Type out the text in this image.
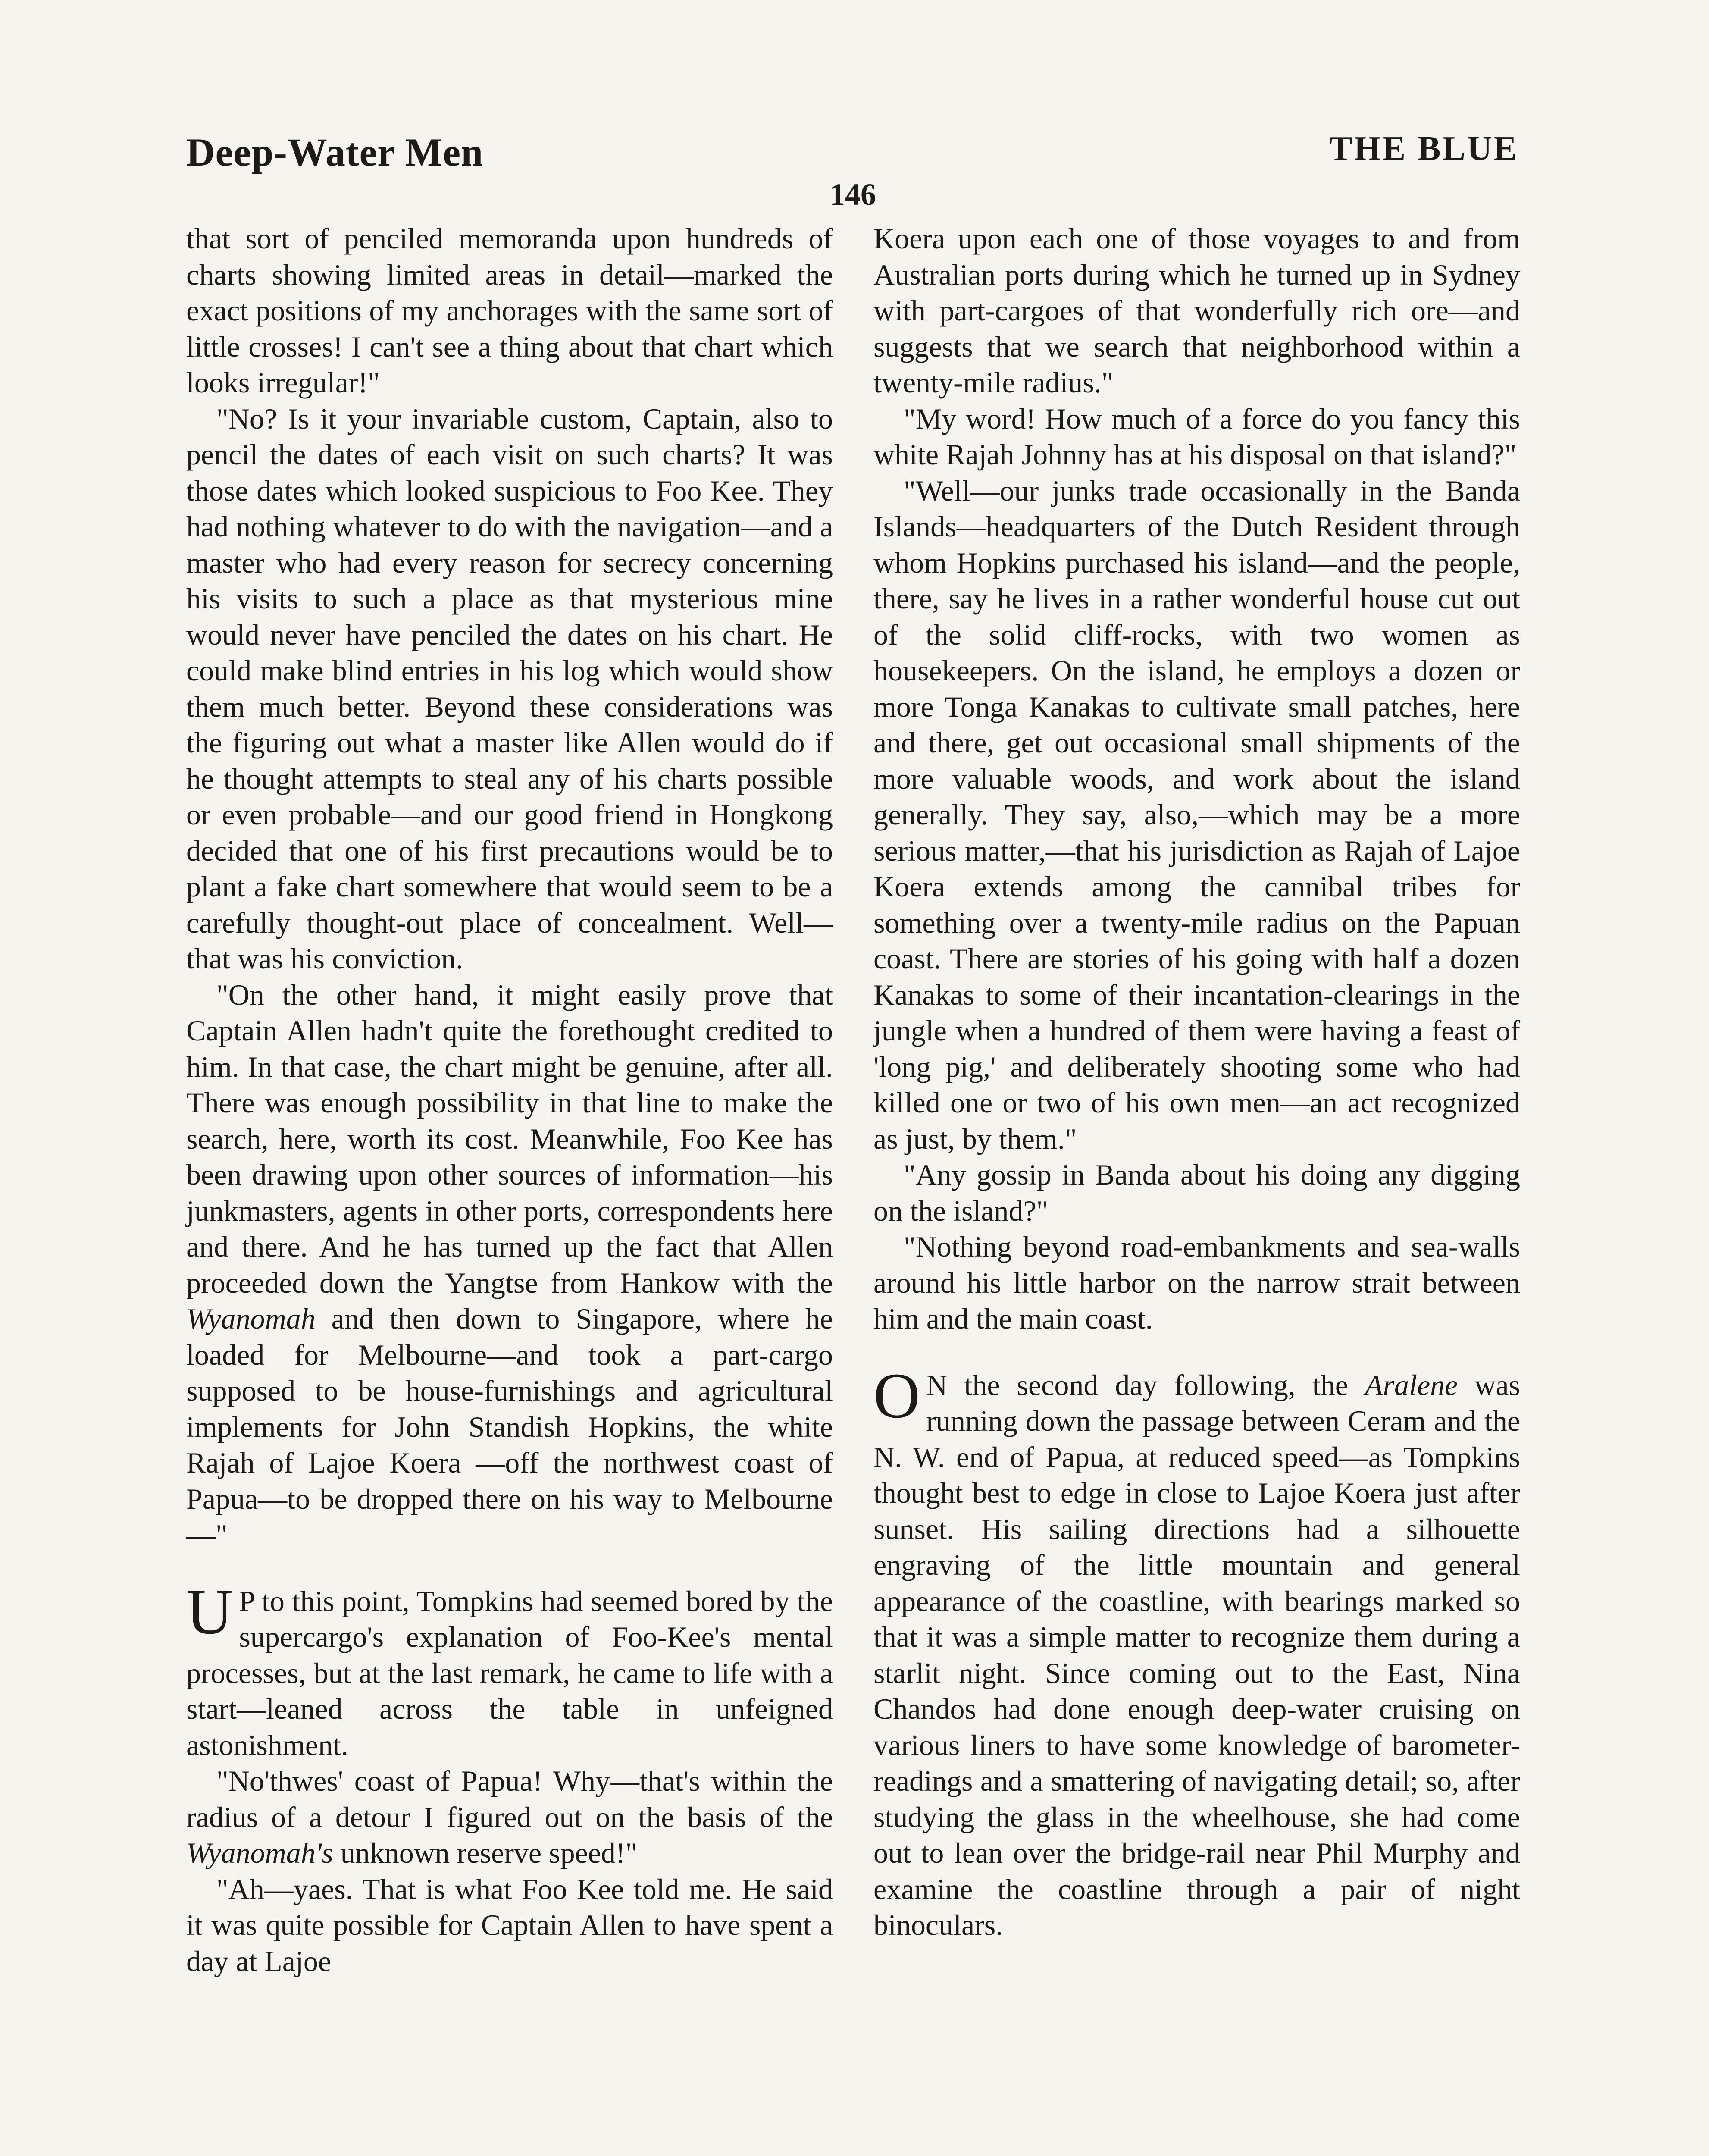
Deep-Water Men	THE BLUE
146

that sort of penciled memoranda upon hundreds of charts showing limited areas in detail—marked the exact positions of my anchorages with the same sort of little crosses! I can't see a thing about that chart which looks irregular!"

"No? Is it your invariable custom, Captain, also to pencil the dates of each visit on such charts? It was those dates which looked suspicious to Foo Kee. They had nothing whatever to do with the navigation—and a master who had every reason for secrecy concerning his visits to such a place as that mysterious mine would never have penciled the dates on his chart. He could make blind entries in his log which would show them much better. Beyond these considerations was the figuring out what a master like Allen would do if he thought attempts to steal any of his charts possible or even probable—and our good friend in Hongkong decided that one of his first precautions would be to plant a fake chart somewhere that would seem to be a carefully thought-out place of concealment. Well—that was his conviction.

"On the other hand, it might easily prove that Captain Allen hadn't quite the forethought credited to him. In that case, the chart might be genuine, after all. There was enough possibility in that line to make the search, here, worth its cost. Meanwhile, Foo Kee has been drawing upon other sources of information—his junkmasters, agents in other ports, correspondents here and there. And he has turned up the fact that Allen proceeded down the Yangtse from Hankow with the Wyanomah and then down to Singapore, where he loaded for Melbourne—and took a part-cargo supposed to be house-furnishings and agricultural implements for John Standish Hopkins, the white Rajah of Lajoe Koera —off the northwest coast of Papua—to be dropped there on his way to Melbourne—"

U P to this point, Tompkins had seemed bored by the supercargo's explanation of Foo-Kee's mental processes, but at the last remark, he came to life with a start—leaned across the table in unfeigned astonishment.

"No'thwes' coast of Papua! Why—that's within the radius of a detour I figured out on the basis of the Wyanomah's unknown reserve speed!"

"Ah—yaes. That is what Foo Kee told me. He said it was quite possible for Captain Allen to have spent a day at Lajoe

Koera upon each one of those voyages to and from Australian ports during which he turned up in Sydney with part-cargoes of that wonderfully rich ore—and suggests that we search that neighborhood within a twenty-mile radius."

"My word! How much of a force do you fancy this white Rajah Johnny has at his disposal on that island?"

"Well—our junks trade occasionally in the Banda Islands—headquarters of the Dutch Resident through whom Hopkins purchased his island—and the people, there, say he lives in a rather wonderful house cut out of the solid cliff-rocks, with two women as housekeepers. On the island, he employs a dozen or more Tonga Kanakas to cultivate small patches, here and there, get out occasional small shipments of the more valuable woods, and work about the island generally. They say, also,—which may be a more serious matter,—that his jurisdiction as Rajah of Lajoe Koera extends among the cannibal tribes for something over a twenty-mile radius on the Papuan coast. There are stories of his going with half a dozen Kanakas to some of their incantation-clearings in the jungle when a hundred of them were having a feast of 'long pig,' and deliberately shooting some who had killed one or two of his own men—an act recognized as just, by them."

"Any gossip in Banda about his doing any digging on the island?"

"Nothing beyond road-embankments and sea-walls around his little harbor on the narrow strait between him and the main coast.

O N the second day following, the Aralene was running down the passage between Ceram and the N. W. end of Papua, at reduced speed—as Tompkins thought best to edge in close to Lajoe Koera just after sunset. His sailing directions had a silhouette engraving of the little mountain and general appearance of the coastline, with bearings marked so that it was a simple matter to recognize them during a starlit night. Since coming out to the East, Nina Chandos had done enough deep-water cruising on various liners to have some knowledge of barometer-readings and a smattering of navigating detail; so, after studying the glass in the wheelhouse, she had come out to lean over the bridge-rail near Phil Murphy and examine the coastline through a pair of night binoculars.
